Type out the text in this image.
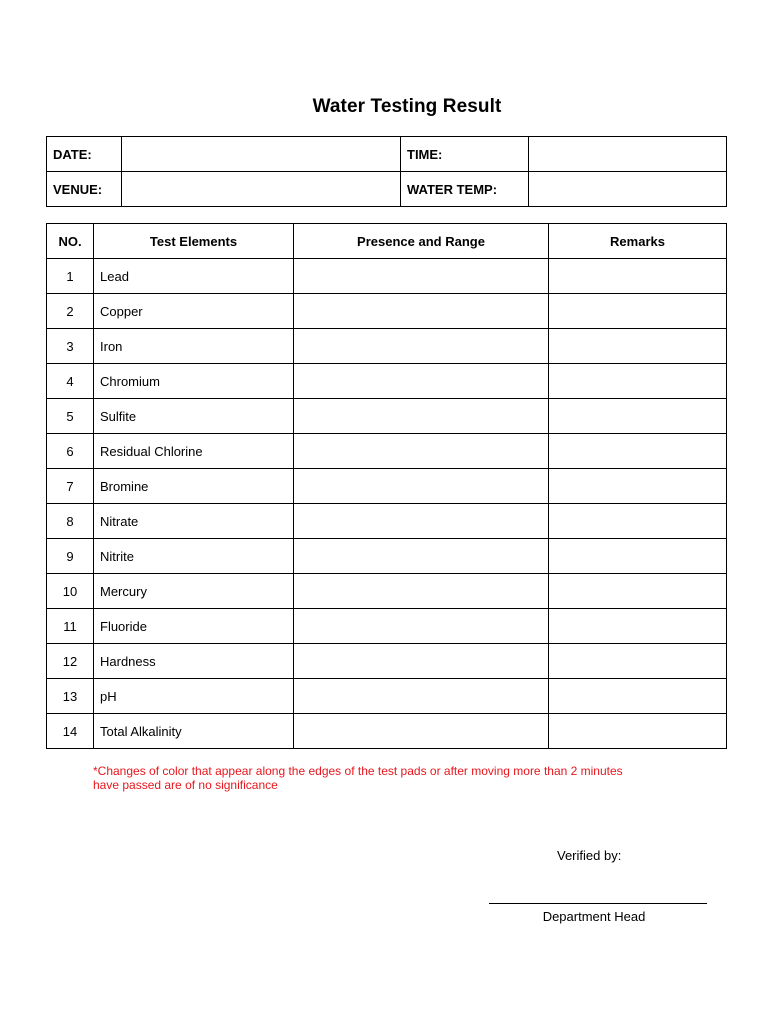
Water Testing Result
DATE:		TIME:	
VENUE:		WATER TEMP:	
NO.	Test Elements	Presence and Range	Remarks
1	Lead		
2	Copper		
3	Iron		
4	Chromium		
5	Sulfite		
6	Residual Chlorine		
7	Bromine		
8	Nitrate		
9	Nitrite		
10	Mercury		
11	Fluoride		
12	Hardness		
13	pH		
14	Total Alkalinity		
*Changes of color that appear along the edges of the test pads or after moving more than 2 minutes
have passed are of no significance
Verified by:
Department Head
